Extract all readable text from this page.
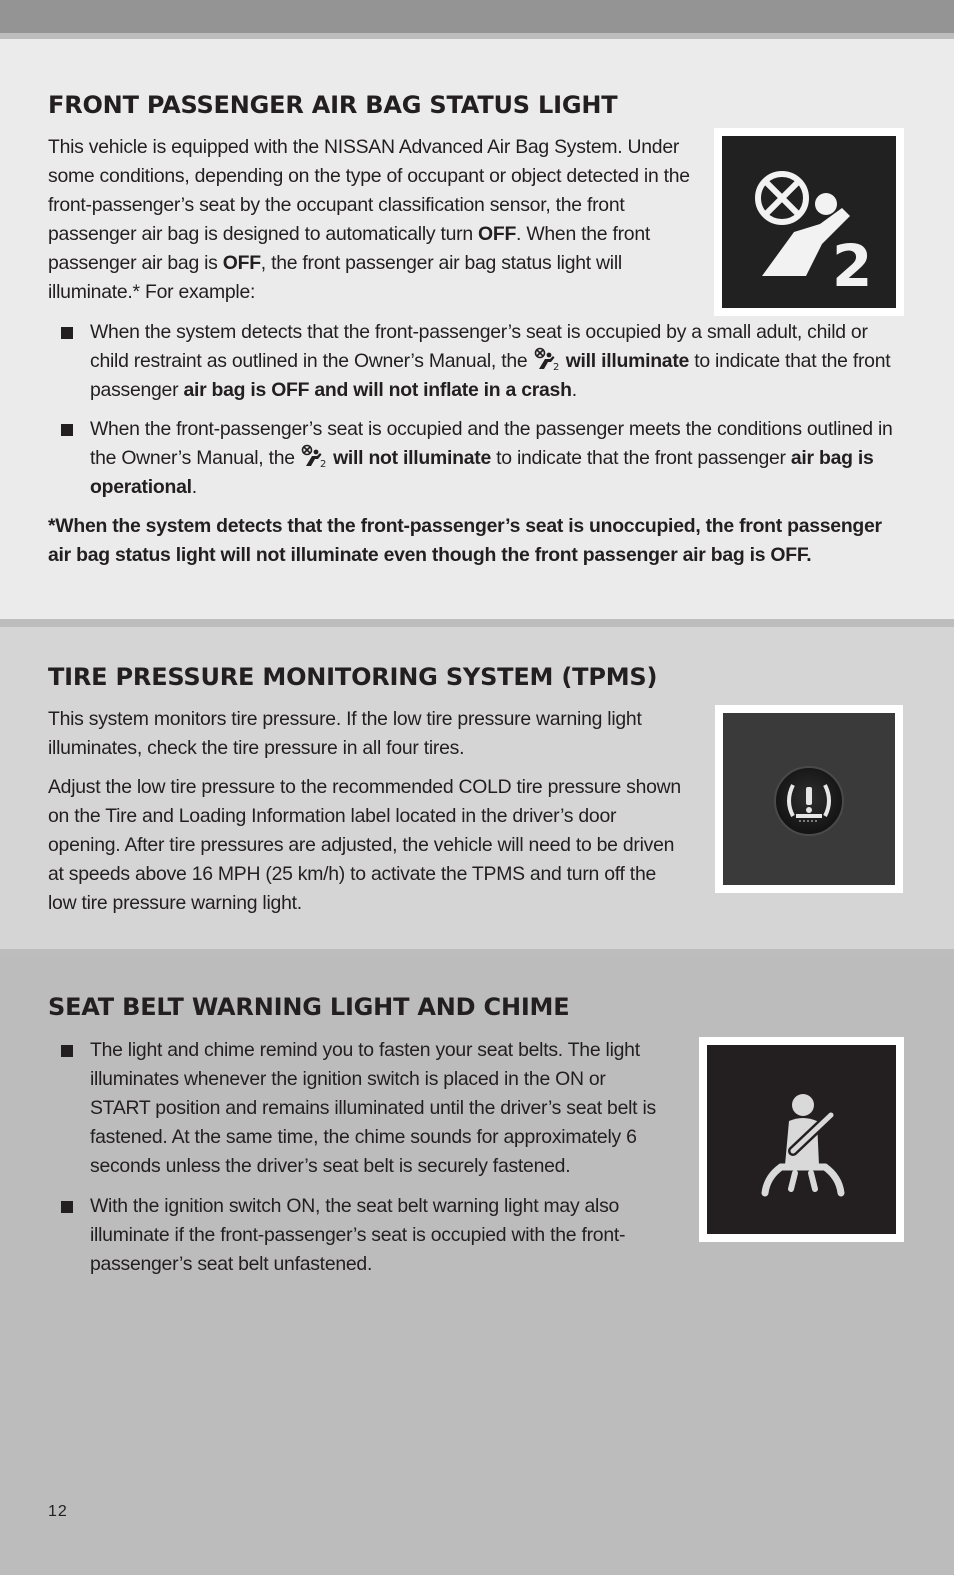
FRONT PASSENGER AIR BAG STATUS LIGHT

This vehicle is equipped with the NISSAN Advanced Air Bag System. Under some conditions, depending on the type of occupant or object detected in the front-passenger’s seat by the occupant classification sensor, the front passenger air bag is designed to automatically turn OFF. When the front passenger air bag is OFF, the front passenger air bag status light will illuminate.* For example:

When the system detects that the front-passenger’s seat is occupied by a small adult, child or child restraint as outlined in the Owner’s Manual, the 2 will illuminate to indicate that the front passenger air bag is OFF and will not inflate in a crash.
When the front-passenger’s seat is occupied and the passenger meets the conditions outlined in the Owner’s Manual, the 2 will not illuminate to indicate that the front passenger air bag is operational.

*When the system detects that the front-passenger’s seat is unoccupied, the front passenger air bag status light will not illuminate even though the front passenger air bag is OFF.

2
TIRE PRESSURE MONITORING SYSTEM (TPMS)

This system monitors tire pressure. If the low tire pressure warning light illuminates, check the tire pressure in all four tires.

Adjust the low tire pressure to the recommended COLD tire pressure shown on the Tire and Loading Information label located in the driver’s door opening. After tire pressures are adjusted, the vehicle will need to be driven at speeds above 16 MPH (25 km/h) to activate the TPMS and turn off the low tire pressure warning light.

SEAT BELT WARNING LIGHT AND CHIME
The light and chime remind you to fasten your seat belts. The light illuminates whenever the ignition switch is placed in the ON or START position and remains illuminated until the driver’s seat belt is fastened. At the same time, the chime sounds for approximately 6 seconds unless the driver’s seat belt is securely fastened.
With the ignition switch ON, the seat belt warning light may also illuminate if the front-passenger’s seat is occupied with the front-passenger’s seat belt unfastened.
12
